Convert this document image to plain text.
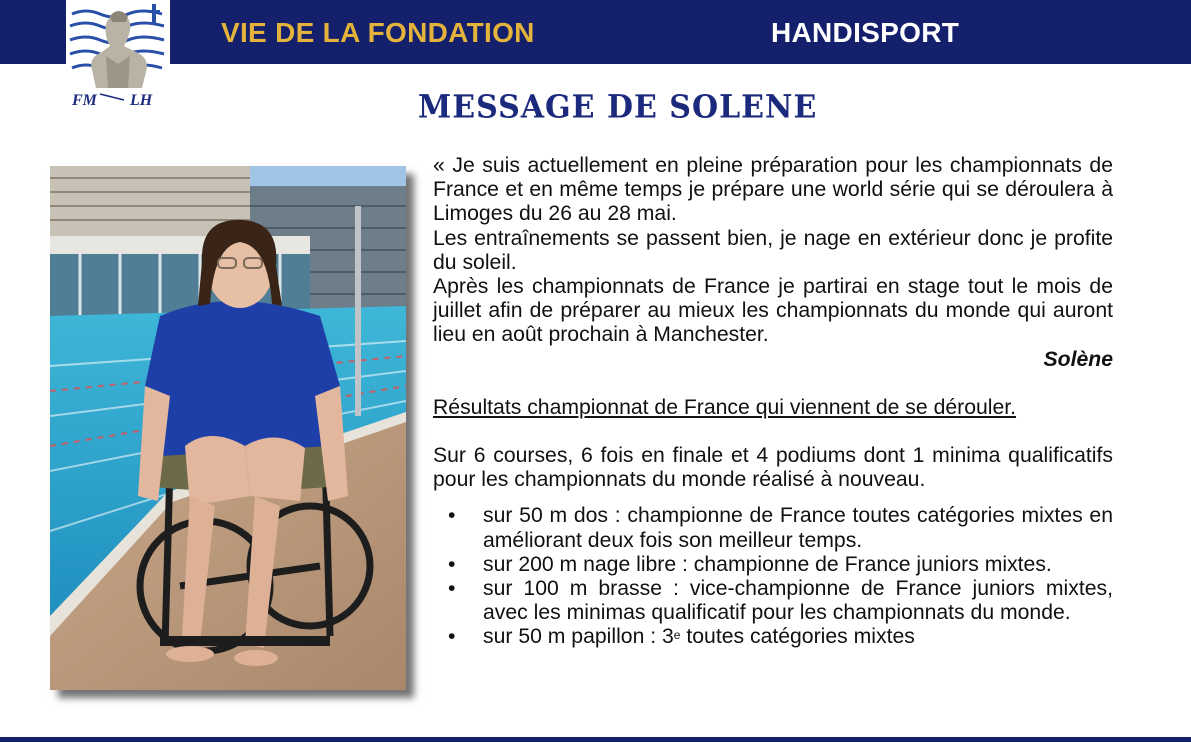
VIE DE LA FONDATION	HANDISPORT
FM LH	MESSAGE DE SOLENE

« Je suis actuellement en pleine préparation pour les championnats de France et en même temps je prépare une world série qui se déroulera à Limoges du 26 au 28 mai.

Les entraînements se passent bien, je nage en extérieur donc je profite du soleil.

Après les championnats de France je partirai en stage tout le mois de juillet afin de préparer au mieux les championnats du monde qui auront lieu en août prochain à Manchester.

Solène

Résultats championnat de France qui viennent de se dérouler.

Sur 6 courses, 6 fois en finale et 4 podiums dont 1 minima qualificatifs pour les championnats du monde réalisé à nouveau.

• sur 50 m dos : championne de France toutes catégories mixtes en améliorant deux fois son meilleur temps.
• sur 200 m nage libre : championne de France juniors mixtes.
• sur 100 m brasse : vice-championne de France juniors mixtes, avec les minimas qualificatif pour les championnats du monde.
• sur 50 m papillon : 3e toutes catégories mixtes
